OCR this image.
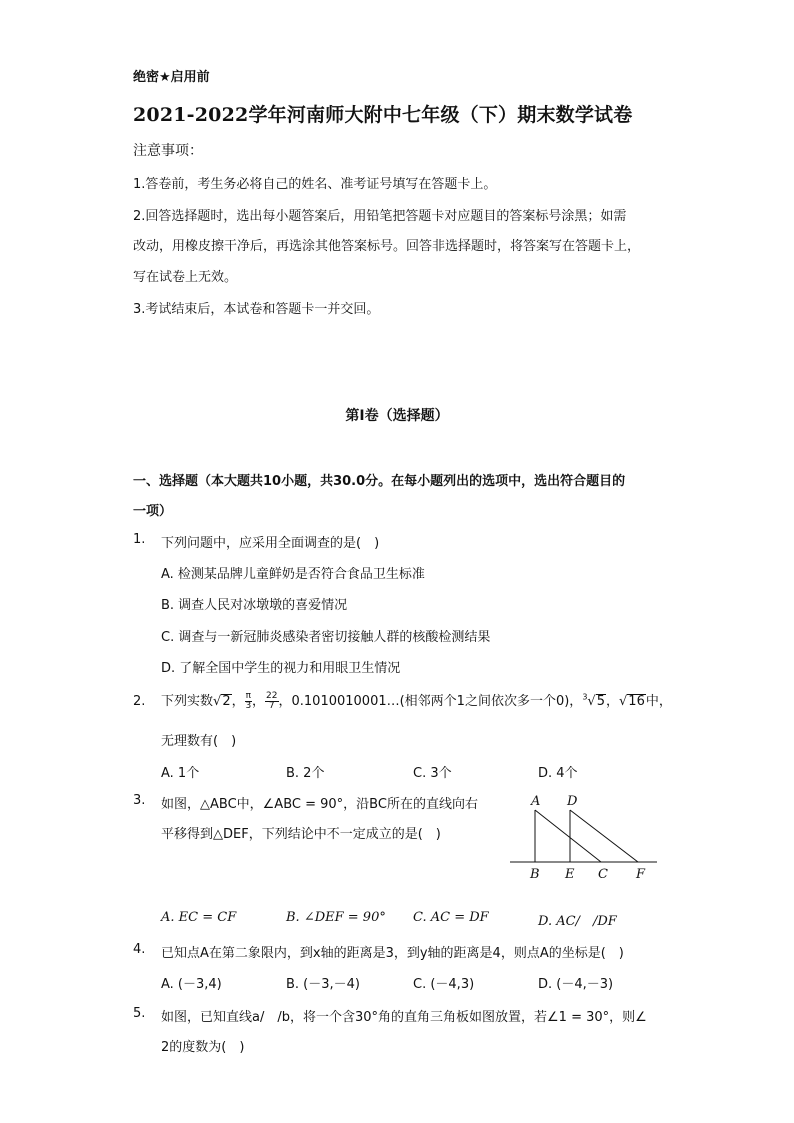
绝密★启用前
2021-2022学年河南师大附中七年级（下）期末数学试卷
注意事项：
1.答卷前，考生务必将自己的姓名、准考证号填写在答题卡上。
2.回答选择题时，选出每小题答案后，用铅笔把答题卡对应题目的答案标号涂黑；如需
改动，用橡皮擦干净后，再选涂其他答案标号。回答非选择题时，将答案写在答题卡上，
写在试卷上无效。
3.考试结束后，本试卷和答题卡一并交回。
第Ⅰ卷（选择题）
一、选择题（本大题共10小题，共30.0分。在每小题列出的选项中，选出符合题目的
一项）
1. 下列问题中，应采用全面调查的是(　)
A. 检测某品牌儿童鲜奶是否符合食品卫生标准
B. 调查人民对冰墩墩的喜爱情况
C. 调查与一新冠肺炎感染者密切接触人群的核酸检测结果
D. 了解全国中学生的视力和用眼卫生情况
2. 下列实数√2， $\frac{\pi}{3}$ ， $\frac{22}{7}$ ，0.1010010001…(相邻两个1之间依次多一个0)，$^3$√5，√16中，
无理数有(　)
A. 1个	B. 2个	C. 3个	D. 4个
3. 如图，△ABC中，∠ABC = 90°，沿BC所在的直线向右
平移得到△DEF，下列结论中不一定成立的是(　)
A D
B E C F
A. EC = CF	B. ∠DEF = 90° C. AC = DF	D. AC/　/DF
4. 已知点A在第二象限内，到x轴的距离是3，到y轴的距离是4，则点A的坐标是(　)
A. (－3,4)	B. (－3,－4)	C. (－4,3)	D. (－4,－3)
5. 如图，已知直线a/　/b，将一个含30°角的直角三角板如图放置，若∠1 = 30°，则∠
2的度数为(　)
